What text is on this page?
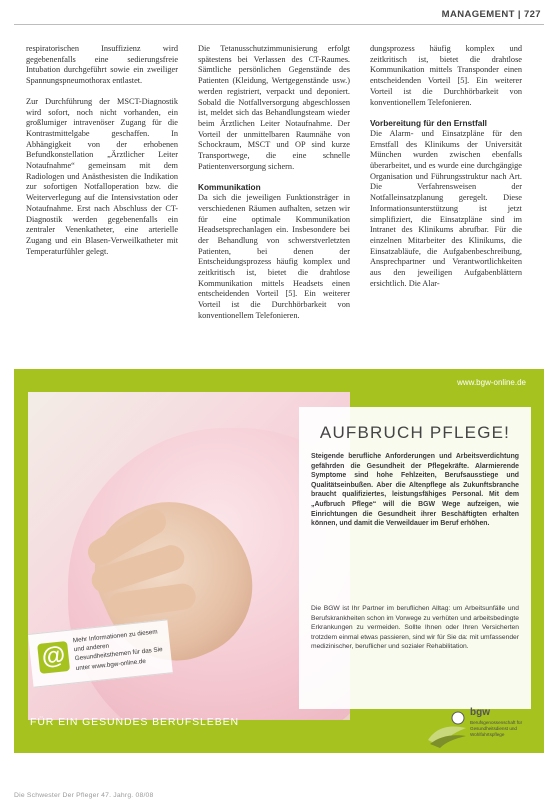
MANAGEMENT | 727

respiratorischen Insuffizienz wird gegebenenfalls eine sedierungsfreie Intubation durchgeführt sowie ein zweiliger Spannungspneumothorax entlastet.

Zur Durchführung der MSCT-Diagnostik wird sofort, noch nicht vorhanden, ein großlumiger intravenöser Zugang für die Kontrastmittelgabe geschaffen. In Abhängigkeit von der erhobenen Befundkonstellation „Ärztlicher Leiter Notaufnahme“ gemeinsam mit dem Radiologen und Anästhesisten die Indikation zur sofortigen Notfalloperation bzw. die Weiterverlegung auf die Intensivstation oder Notaufnahme. Erst nach Abschluss der CT-Diagnostik werden gegebenenfalls ein zentraler Venenkatheter, eine arterielle Zugang und ein Blasen-Verweilkatheter mit Temperaturfühler gelegt.

Die Tetanusschutzimmunisierung erfolgt spätestens bei Verlassen des CT-Raumes. Sämtliche persönlichen Gegenstände des Patienten (Kleidung, Wertgegenstände usw.) werden registriert, verpackt und deponiert. Sobald die Notfallversorgung abgeschlossen ist, meldet sich das Behandlungsteam wieder beim Ärztlichen Leiter Notaufnahme. Der Vorteil der unmittelbaren Raumnähe von Schockraum, MSCT und OP sind kurze Transportwege, die eine schnelle Patientenversorgung sichern.

Kommunikation

Da sich die jeweiligen Funktionsträger in verschiedenen Räumen aufhalten, setzen wir für eine optimale Kommunikation Headsetsprechanlagen ein. Insbesondere bei der Behandlung von schwerstverletzten Patienten, bei denen der Entscheidungsprozess häufig komplex und zeitkritisch ist, bietet die drahtlose Kommunikation mittels Headsets einen entscheidenden Vorteil [5]. Ein weiterer Vorteil ist die Durchhörbarkeit von konventionellem Telefonieren.

dungsprozess häufig komplex und zeitkritisch ist, bietet die drahtlose Kommunikation mittels Transponder einen entscheidenden Vorteil [5]. Ein weiterer Vorteil ist die Durchhörbarkeit von konventionellem Telefonieren.

Vorbereitung für den Ernstfall

Die Alarm- und Einsatzpläne für den Ernstfall des Klinikums der Universität München wurden zwischen ebenfalls überarbeitet, und es wurde eine durchgängige Organisation und Führungsstruktur nach Art. Die Verfahrensweisen der Notfalleinsatzplanung geregelt. Diese Informationsunterstützung ist jetzt simplifiziert, die Einsatzpläne sind im Intranet des Klinikums abrufbar. Für die einzelnen Mitarbeiter des Klinikums, die Einsatzabläufe, die Aufgabenbeschreibung, Ansprechpartner und Verantwortlichkeiten aus den jeweiligen Aufgabenblättern ersichtlich. Die Alar-

www.bgw-online.de
@
Mehr Informationen zu diesem und anderen Gesundheitsthemen für das Sie unter www.bgw-online.de
AUFBRUCH PFLEGE!
Steigende berufliche Anforderungen und Arbeitsverdichtung gefährden die Gesundheit der Pflegekräfte. Alarmierende Symptome sind hohe Fehlzeiten, Berufsausstiege und Qualitätseinbußen. Aber die Altenpflege als Zukunftsbranche braucht qualifiziertes, leistungsfähiges Personal. Mit dem „Aufbruch Pflege“ will die BGW Wege aufzeigen, wie Einrichtungen die Gesundheit ihrer Beschäftigten erhalten können, und damit die Verweildauer im Beruf erhöhen.
Die BGW ist Ihr Partner im beruflichen Alltag: um Arbeitsunfälle und Berufskrankheiten schon im Vorwege zu verhüten und arbeitsbedingte Erkrankungen zu vermeiden. Sollte Ihnen oder Ihren Versicherten trotzdem einmal etwas passieren, sind wir für Sie da: mit umfassender medizinischer, beruflicher und sozialer Rehabilitation.
FÜR EIN GESUNDES BERUFSLEBEN
bgw
Berufsgenossenschaft für Gesundheitsdienst und Wohlfahrtspflege
Die Schwester Der Pfleger 47. Jahrg. 08/08
